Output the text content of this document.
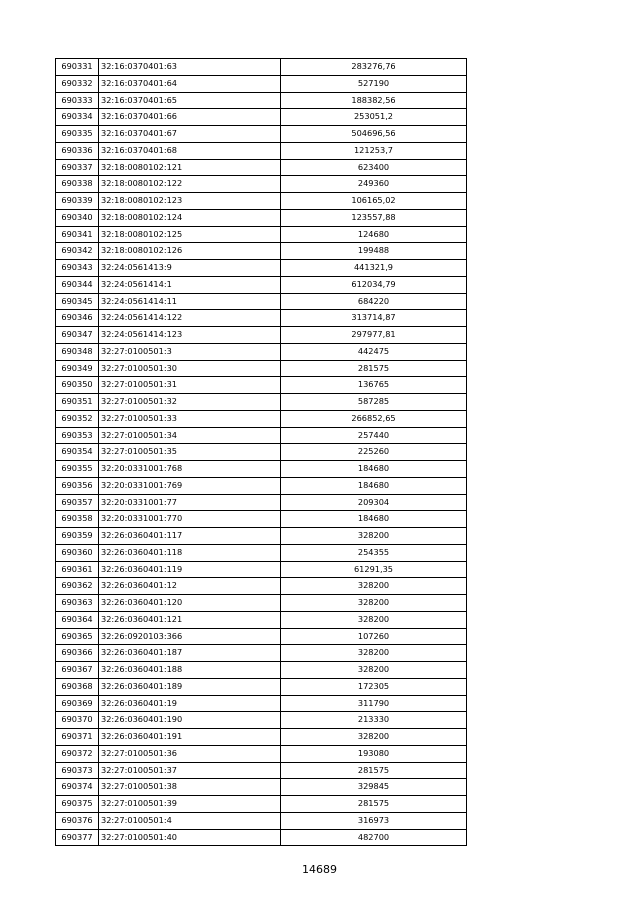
690331	32:16:0370401:63	283276,76
690332	32:16:0370401:64	527190
690333	32:16:0370401:65	188382,56
690334	32:16:0370401:66	253051,2
690335	32:16:0370401:67	504696,56
690336	32:16:0370401:68	121253,7
690337	32:18:0080102:121	623400
690338	32:18:0080102:122	249360
690339	32:18:0080102:123	106165,02
690340	32:18:0080102:124	123557,88
690341	32:18:0080102:125	124680
690342	32:18:0080102:126	199488
690343	32:24:0561413:9	441321,9
690344	32:24:0561414:1	612034,79
690345	32:24:0561414:11	684220
690346	32:24:0561414:122	313714,87
690347	32:24:0561414:123	297977,81
690348	32:27:0100501:3	442475
690349	32:27:0100501:30	281575
690350	32:27:0100501:31	136765
690351	32:27:0100501:32	587285
690352	32:27:0100501:33	266852,65
690353	32:27:0100501:34	257440
690354	32:27:0100501:35	225260
690355	32:20:0331001:768	184680
690356	32:20:0331001:769	184680
690357	32:20:0331001:77	209304
690358	32:20:0331001:770	184680
690359	32:26:0360401:117	328200
690360	32:26:0360401:118	254355
690361	32:26:0360401:119	61291,35
690362	32:26:0360401:12	328200
690363	32:26:0360401:120	328200
690364	32:26:0360401:121	328200
690365	32:26:0920103:366	107260
690366	32:26:0360401:187	328200
690367	32:26:0360401:188	328200
690368	32:26:0360401:189	172305
690369	32:26:0360401:19	311790
690370	32:26:0360401:190	213330
690371	32:26:0360401:191	328200
690372	32:27:0100501:36	193080
690373	32:27:0100501:37	281575
690374	32:27:0100501:38	329845
690375	32:27:0100501:39	281575
690376	32:27:0100501:4	316973
690377	32:27:0100501:40	482700
14689
